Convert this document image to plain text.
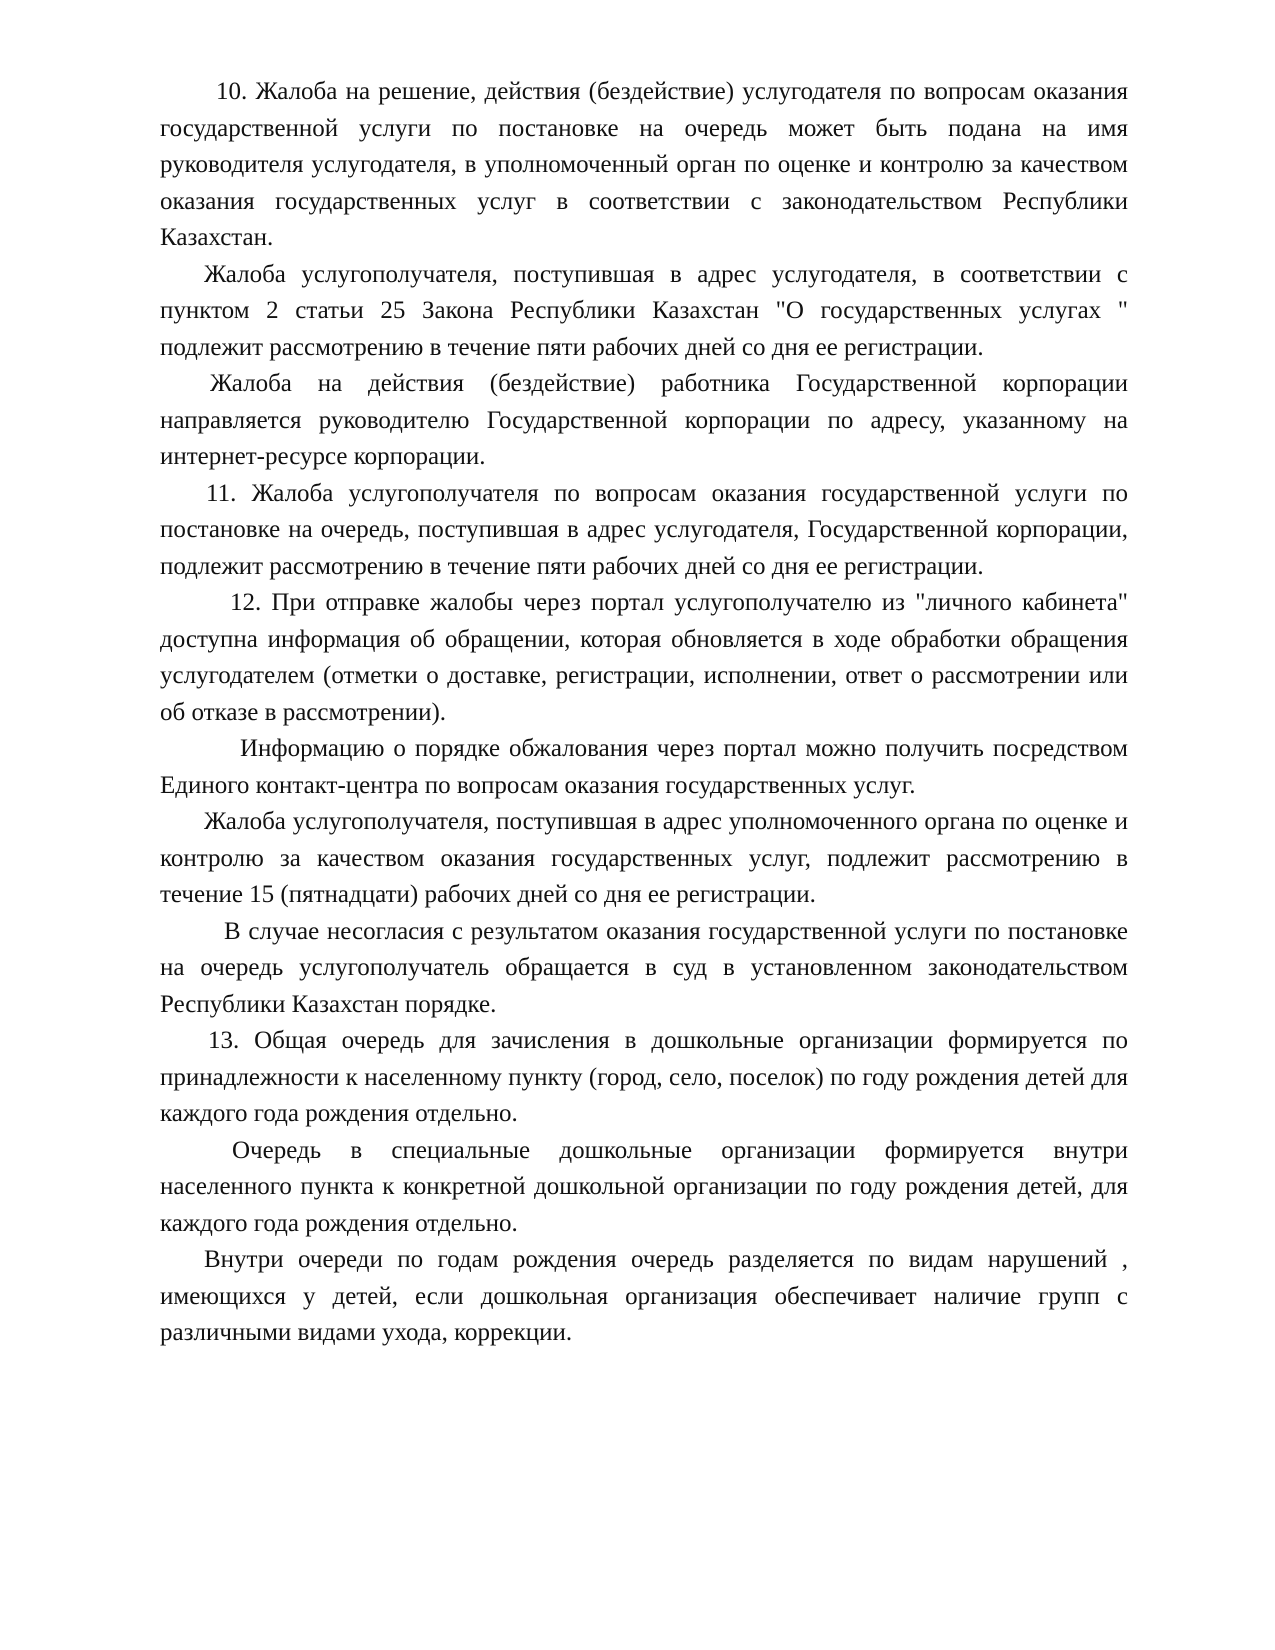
10. Жалоба на решение, действия (бездействие) услугодателя по вопросам оказания государственной услуги по постановке на очередь может быть подана на имя руководителя услугодателя, в уполномоченный орган по оценке и контролю за качеством оказания государственных услуг в соответствии с законодательством Республики Казахстан.

Жалоба услугополучателя, поступившая в адрес услугодателя, в соответствии с пунктом 2 статьи 25 Закона Республики Казахстан "О государственных услугах " подлежит рассмотрению в течение пяти рабочих дней со дня ее регистрации.

Жалоба на действия (бездействие) работника Государственной корпорации направляется руководителю Государственной корпорации по адресу, указанному на интернет-ресурсе корпорации.

11. Жалоба услугополучателя по вопросам оказания государственной услуги по постановке на очередь, поступившая в адрес услугодателя, Государственной корпорации, подлежит рассмотрению в течение пяти рабочих дней со дня ее регистрации.

12. При отправке жалобы через портал услугополучателю из "личного кабинета" доступна информация об обращении, которая обновляется в ходе обработки обращения услугодателем (отметки о доставке, регистрации, исполнении, ответ о рассмотрении или об отказе в рассмотрении).

Информацию о порядке обжалования через портал можно получить посредством Единого контакт-центра по вопросам оказания государственных услуг.

Жалоба услугополучателя, поступившая в адрес уполномоченного органа по оценке и контролю за качеством оказания государственных услуг, подлежит рассмотрению в течение 15 (пятнадцати) рабочих дней со дня ее регистрации.

В случае несогласия с результатом оказания государственной услуги по постановке на очередь услугополучатель обращается в суд в установленном законодательством Республики Казахстан порядке.

13. Общая очередь для зачисления в дошкольные организации формируется по принадлежности к населенному пункту (город, село, поселок) по году рождения детей для каждого года рождения отдельно.

Очередь в специальные дошкольные организации формируется внутри населенного пункта к конкретной дошкольной организации по году рождения детей, для каждого года рождения отдельно.

Внутри очереди по годам рождения очередь разделяется по видам нарушений , имеющихся у детей, если дошкольная организация обеспечивает наличие групп с различными видами ухода, коррекции.
